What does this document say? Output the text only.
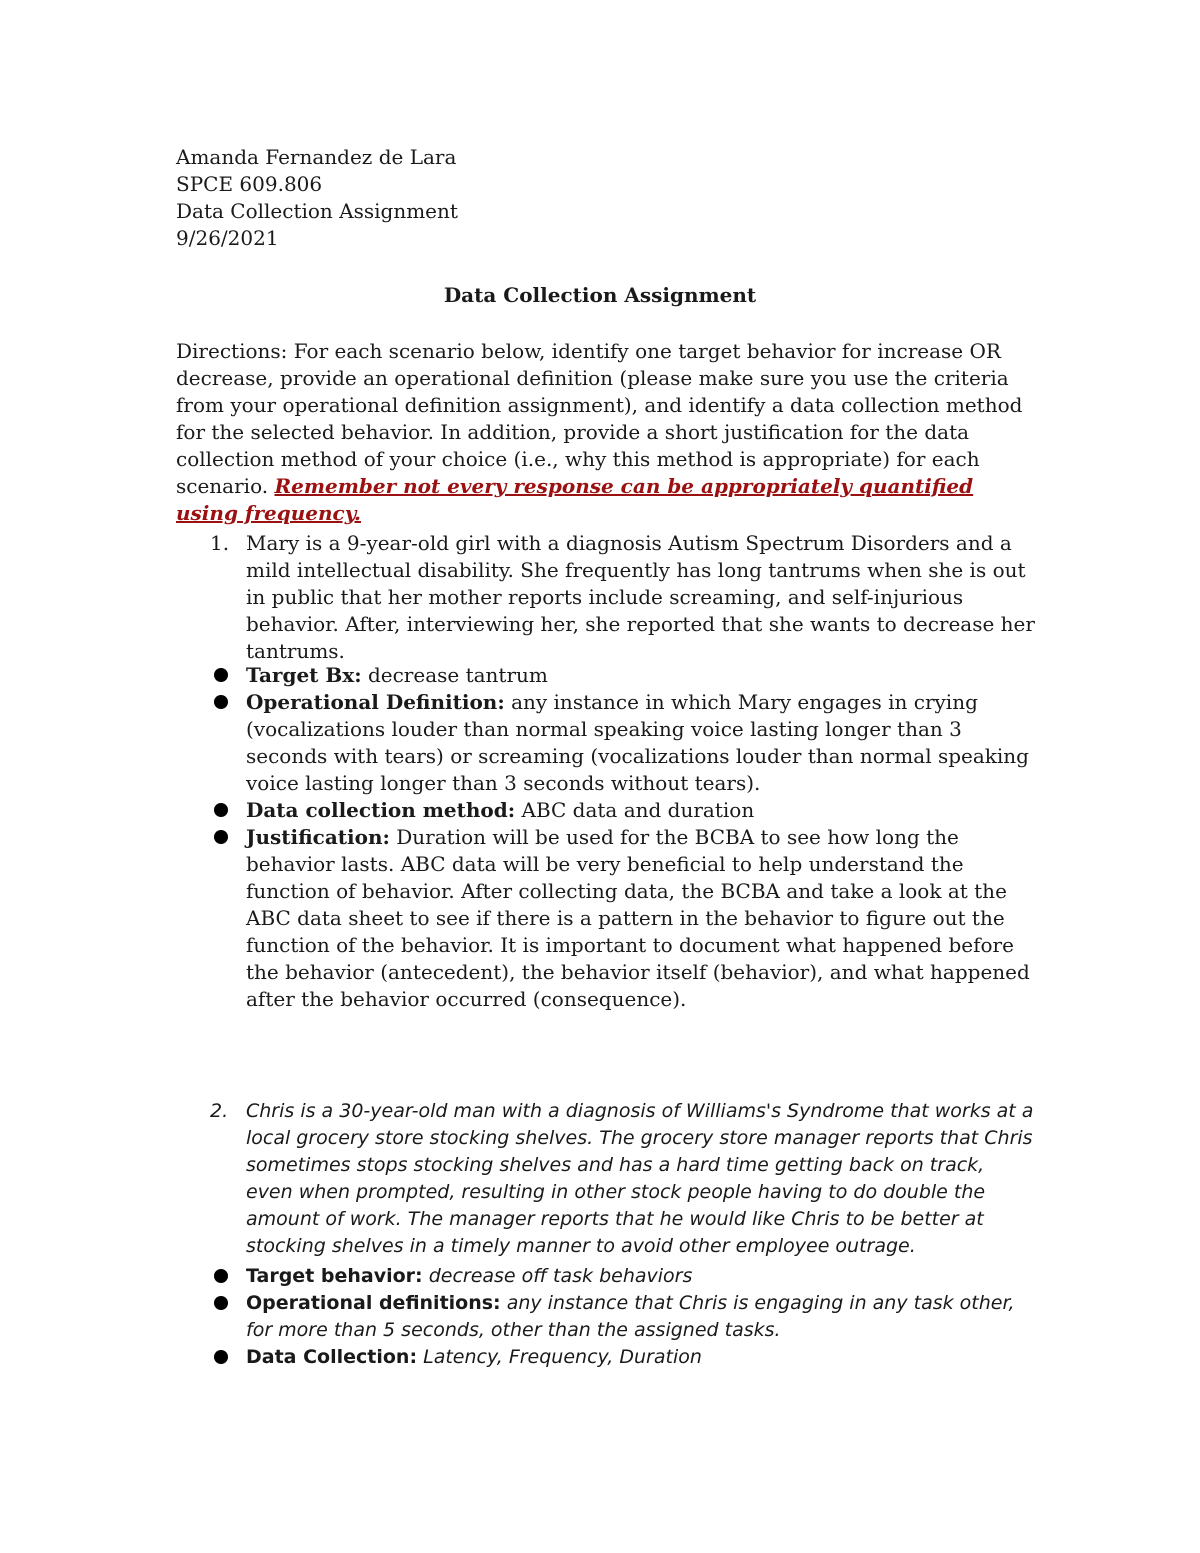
Amanda Fernandez de Lara
SPCE 609.806
Data Collection Assignment
9/26/2021
Data Collection Assignment
Directions: For each scenario below, identify one target behavior for increase OR decrease, provide an operational definition (please make sure you use the criteria from your operational definition assignment), and identify a data collection method for the selected behavior. In addition, provide a short justification for the data collection method of your choice (i.e., why this method is appropriate) for each scenario. Remember not every response can be appropriately quantified using frequency.
1. Mary is a 9-year-old girl with a diagnosis Autism Spectrum Disorders and a mild intellectual disability. She frequently has long tantrums when she is out in public that her mother reports include screaming, and self-injurious behavior. After, interviewing her, she reported that she wants to decrease her tantrums.
Target Bx: decrease tantrum
Operational Definition: any instance in which Mary engages in crying (vocalizations louder than normal speaking voice lasting longer than 3 seconds with tears) or screaming (vocalizations louder than normal speaking voice lasting longer than 3 seconds without tears).
Data collection method: ABC data and duration
Justification: Duration will be used for the BCBA to see how long the behavior lasts. ABC data will be very beneficial to help understand the function of behavior. After collecting data, the BCBA and take a look at the ABC data sheet to see if there is a pattern in the behavior to figure out the function of the behavior. It is important to document what happened before the behavior (antecedent), the behavior itself (behavior), and what happened after the behavior occurred (consequence).
2. Chris is a 30-year-old man with a diagnosis of Williams's Syndrome that works at a local grocery store stocking shelves. The grocery store manager reports that Chris sometimes stops stocking shelves and has a hard time getting back on track, even when prompted, resulting in other stock people having to do double the amount of work. The manager reports that he would like Chris to be better at stocking shelves in a timely manner to avoid other employee outrage.
Target behavior: decrease off task behaviors
Operational definitions: any instance that Chris is engaging in any task other, for more than 5 seconds, other than the assigned tasks.
Data Collection: Latency, Frequency, Duration
